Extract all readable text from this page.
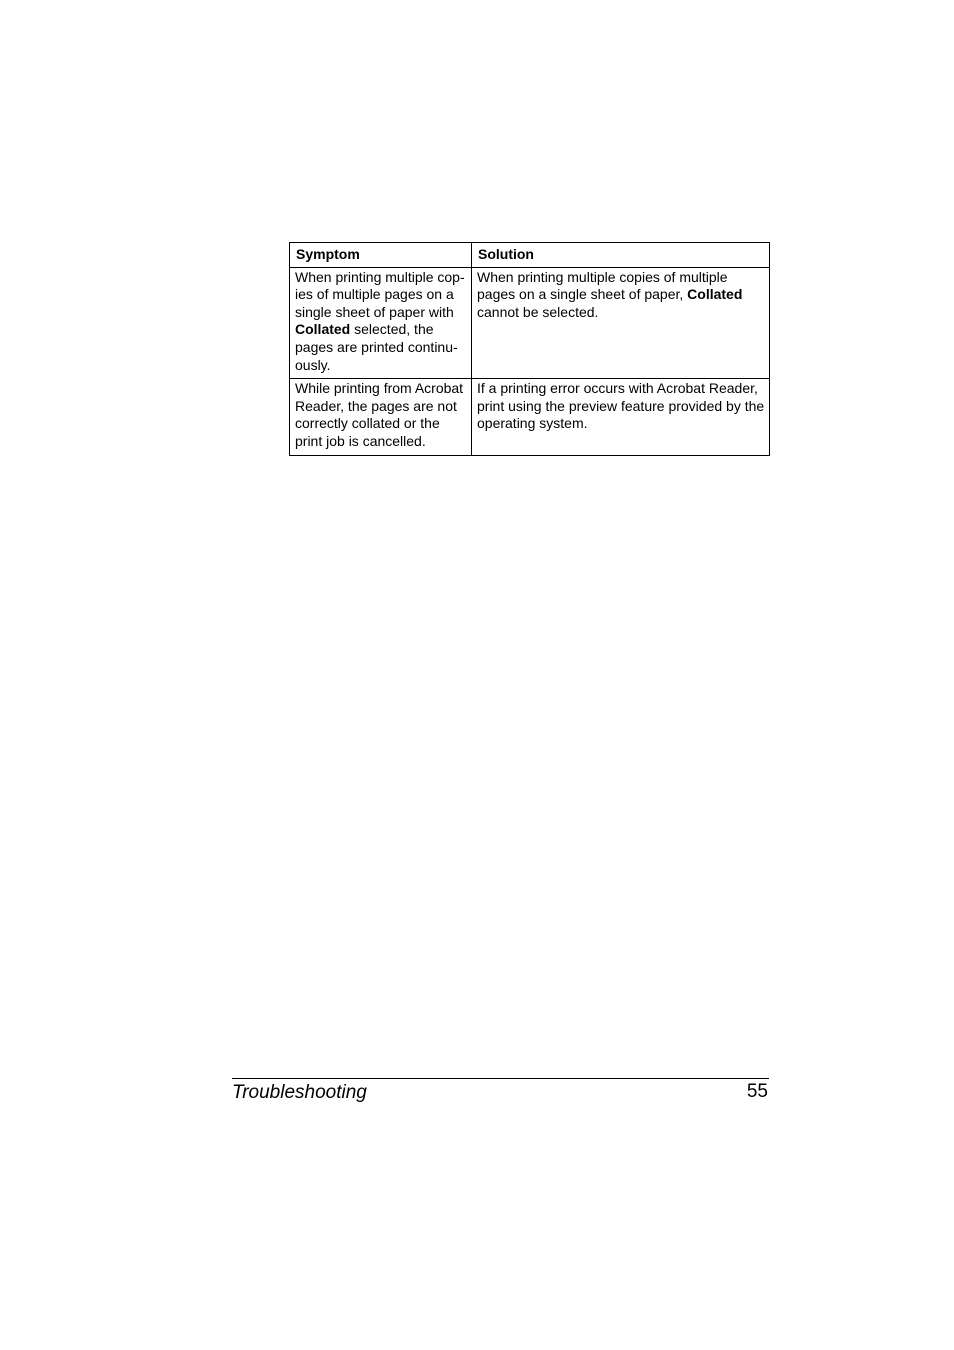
Symptom	Solution
When printing multiple cop-ies of multiple pages on a single sheet of paper with Collated selected, the pages are printed continu-ously.	When printing multiple copies of multiple pages on a single sheet of paper, Collated cannot be selected.
While printing from Acrobat Reader, the pages are not correctly collated or the print job is cancelled.	If a printing error occurs with Acrobat Reader, print using the preview feature provided by the operating system.
Troubleshooting	55
